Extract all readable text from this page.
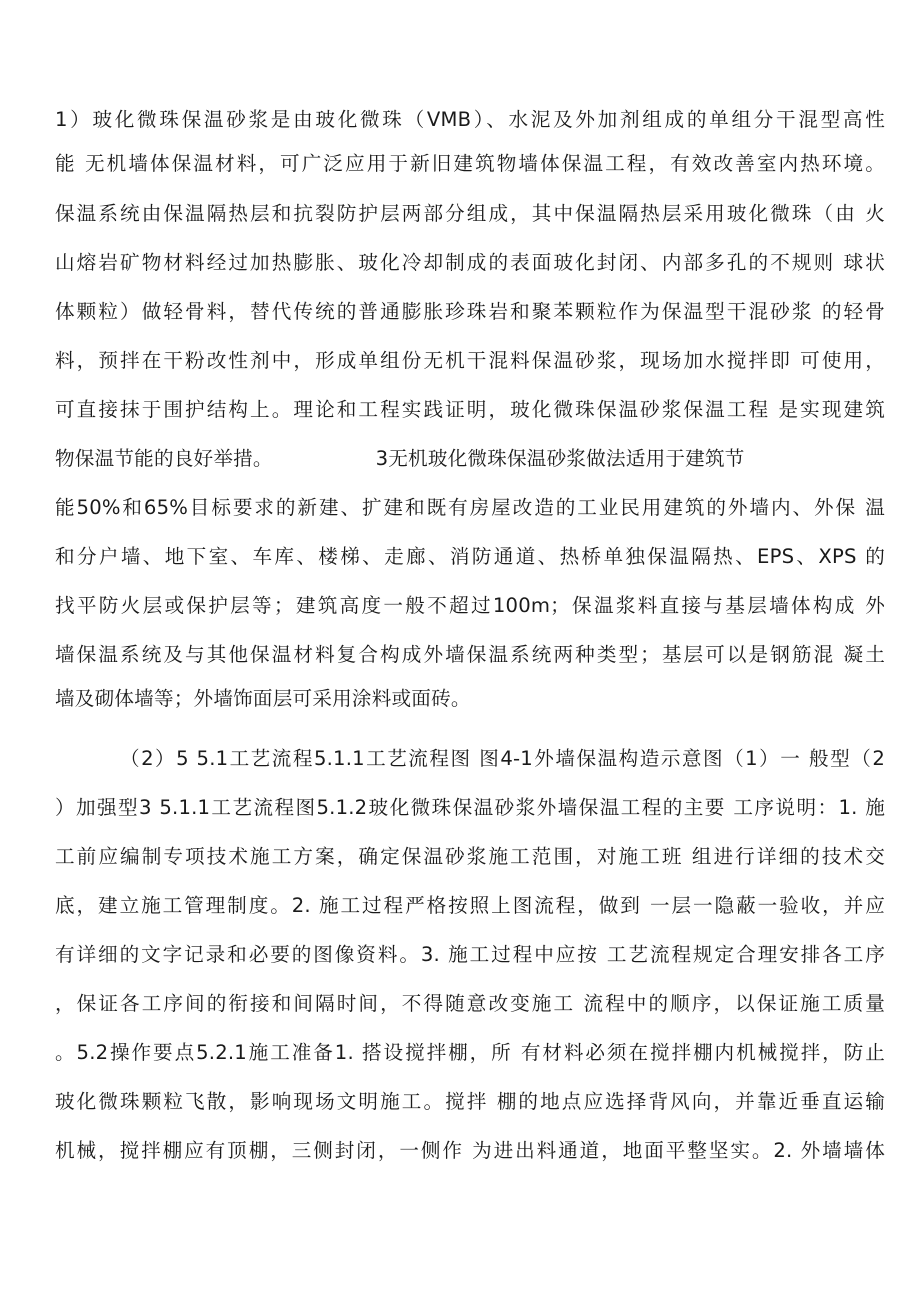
1）玻化微珠保温砂浆是由玻化微珠（VMB）、水泥及外加剂组成的单组分干混型高性
能 无机墙体保温材料，可广泛应用于新旧建筑物墙体保温工程，有效改善室内热环境。
保温系统由保温隔热层和抗裂防护层两部分组成，其中保温隔热层采用玻化微珠（由 火
山熔岩矿物材料经过加热膨胀、玻化冷却制成的表面玻化封闭、内部多孔的不规则 球状
体颗粒）做轻骨料，替代传统的普通膨胀珍珠岩和聚苯颗粒作为保温型干混砂浆 的轻骨
料，预拌在干粉改性剂中，形成单组份无机干混料保温砂浆，现场加水搅拌即 可使用，
可直接抹于围护结构上。理论和工程实践证明，玻化微珠保温砂浆保温工程 是实现建筑
物保温节能的良好举措。                3无机玻化微珠保温砂浆做法适用于建筑节
能50%和65%目标要求的新建、扩建和既有房屋改造的工业民用建筑的外墙内、外保 温
和分户墙、地下室、车库、楼梯、走廊、消防通道、热桥单独保温隔热、EPS、XPS 的
找平防火层或保护层等；建筑高度一般不超过100m；保温浆料直接与基层墙体构成 外
墙保温系统及与其他保温材料复合构成外墙保温系统两种类型；基层可以是钢筋混 凝土
墙及砌体墙等；外墙饰面层可采用涂料或面砖。
（2）5 5.1工艺流程5.1.1工艺流程图 图4-1外墙保温构造示意图（1）一 般型（2
）加强型3 5.1.1工艺流程图5.1.2玻化微珠保温砂浆外墙保温工程的主要 工序说明：1. 施
工前应编制专项技术施工方案，确定保温砂浆施工范围，对施工班 组进行详细的技术交
底，建立施工管理制度。2. 施工过程严格按照上图流程，做到 一层一隐蔽一验收，并应
有详细的文字记录和必要的图像资料。3. 施工过程中应按 工艺流程规定合理安排各工序
，保证各工序间的衔接和间隔时间，不得随意改变施工 流程中的顺序，以保证施工质量
。5.2操作要点5.2.1施工准备1. 搭设搅拌棚，所 有材料必须在搅拌棚内机械搅拌，防止
玻化微珠颗粒飞散，影响现场文明施工。搅拌 棚的地点应选择背风向，并靠近垂直运输
机械，搅拌棚应有顶棚，三侧封闭，一侧作 为进出料通道，地面平整坚实。2. 外墙墙体
